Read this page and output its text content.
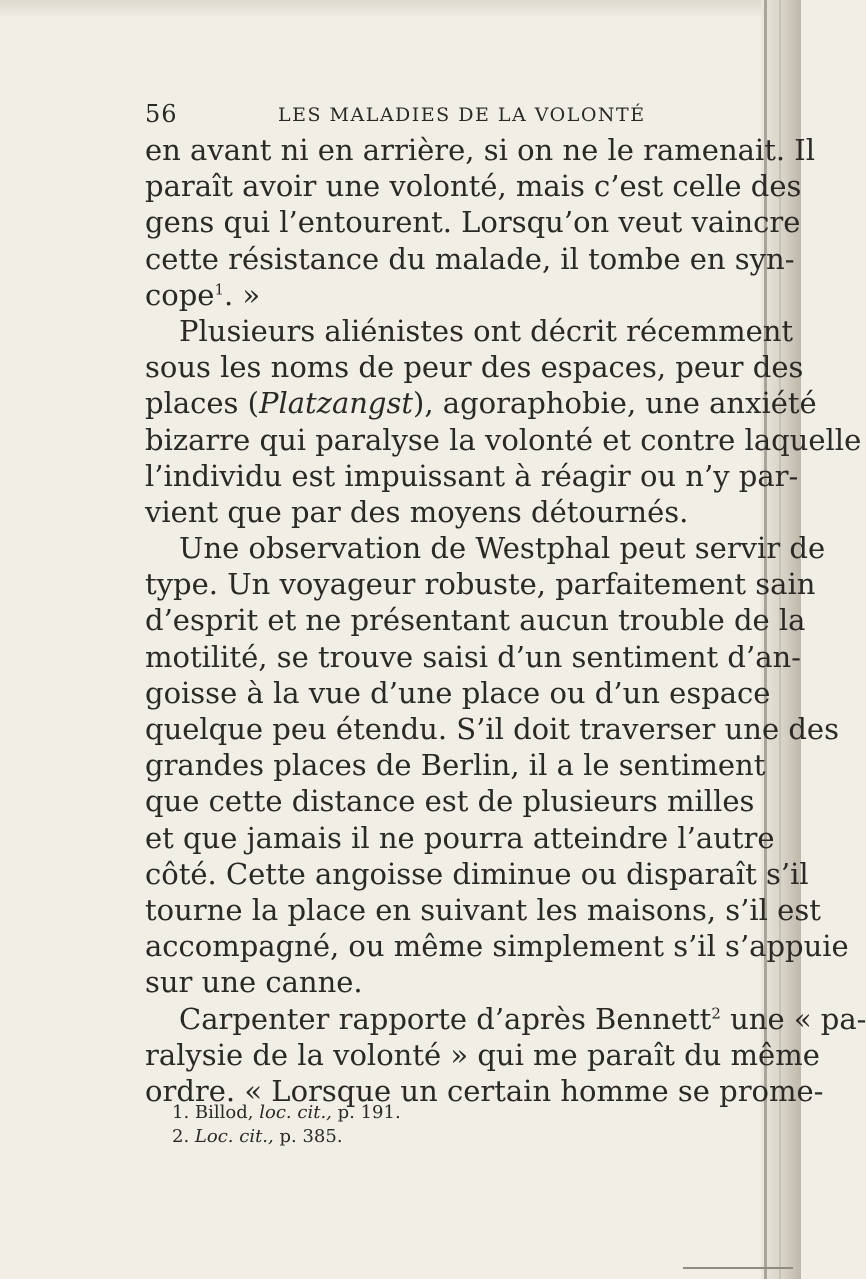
56	LES MALADIES DE LA VOLONTÉ
en avant ni en arrière, si on ne le ramenait. Il
paraît avoir une volonté, mais c’est celle des
gens qui l’entourent. Lorsqu’on veut vaincre
cette résistance du malade, il tombe en syn-
cope$^1$. »
Plusieurs aliénistes ont décrit récemment
sous les noms de peur des espaces, peur des
places (Platzangst), agoraphobie, une anxiété
bizarre qui paralyse la volonté et contre laquelle
l’individu est impuissant à réagir ou n’y par-
vient que par des moyens détournés.
Une observation de Westphal peut servir de
type. Un voyageur robuste, parfaitement sain
d’esprit et ne présentant aucun trouble de la
motilité, se trouve saisi d’un sentiment d’an-
goisse à la vue d’une place ou d’un espace
quelque peu étendu. S’il doit traverser une des
grandes places de Berlin, il a le sentiment
que cette distance est de plusieurs milles
et que jamais il ne pourra atteindre l’autre
côté. Cette angoisse diminue ou disparaît s’il
tourne la place en suivant les maisons, s’il est
accompagné, ou même simplement s’il s’appuie
sur une canne.
Carpenter rapporte d’après Bennett$^2$ une « pa-
ralysie de la volonté » qui me paraît du même
ordre. « Lorsque un certain homme se prome-
1. Billod, loc. cit., p. 191.
2. Loc. cit., p. 385.
